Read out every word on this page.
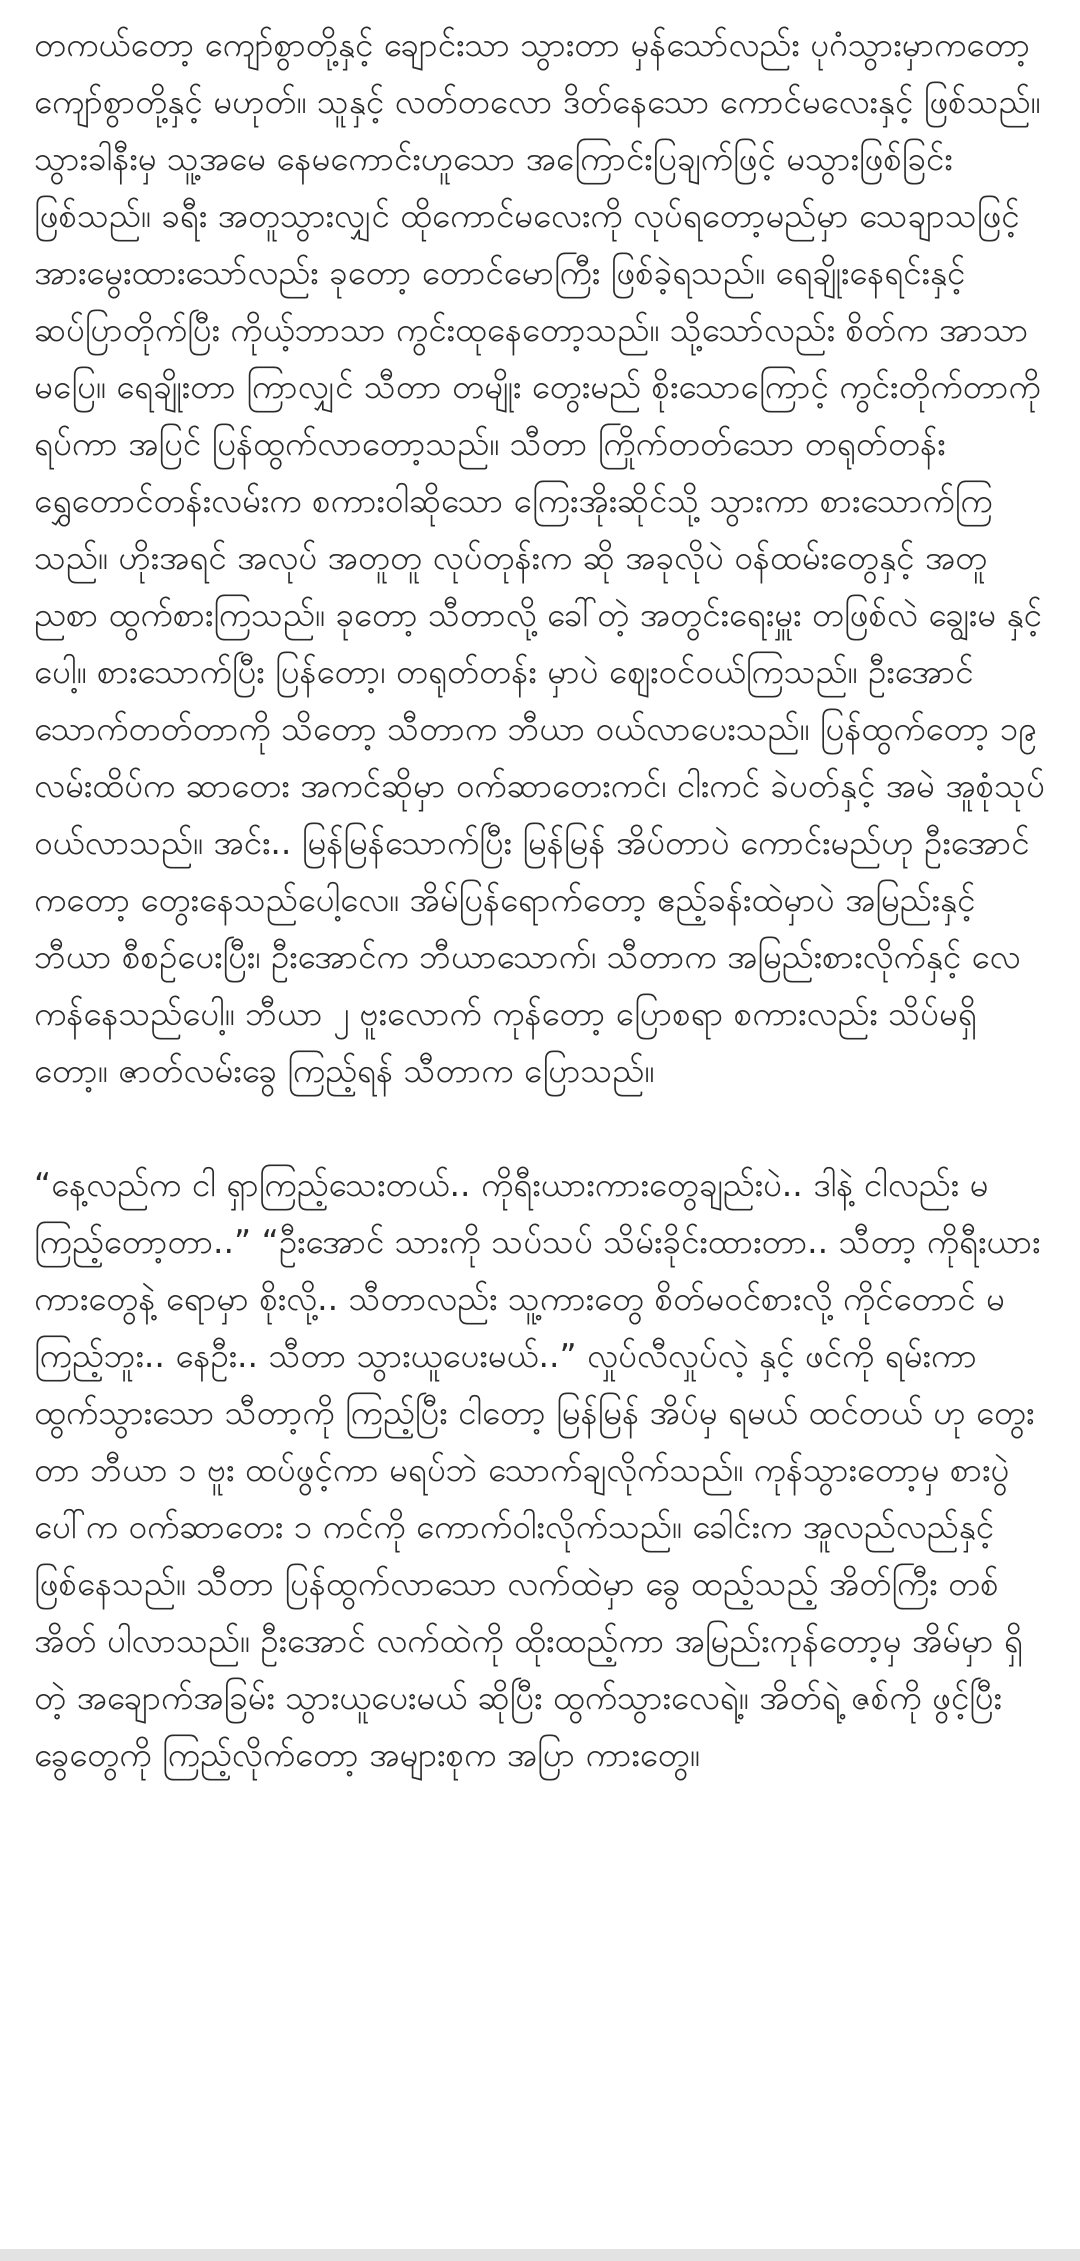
တကယ်တော့ ကျော်စွာတို့နှင့် ချောင်းသာ သွားတာ မှန်သော်လည်း ပုဂံသွားမှာကတော့ ကျော်စွာတို့နှင့် မဟုတ်။ သူနှင့် လတ်တလော ဒိတ်နေသော ကောင်မလေးနှင့် ဖြစ်သည်။ သွားခါနီးမှ သူ့အမေ နေမကောင်းဟူသော အကြောင်းပြချက်ဖြင့် မသွားဖြစ်ခြင်း ဖြစ်သည်။ ခရီး အတူသွားလျှင် ထိုကောင်မလေးကို လုပ်ရတော့မည်မှာ သေချာသဖြင့် အားမွေးထားသော်လည်း ခုတော့ တောင်မောကြီး ဖြစ်ခဲ့ရသည်။ ရေချိုးနေရင်းနှင့် ဆပ်ပြာတိုက်ပြီး ကိုယ့်ဘာသာ ကွင်းထုနေတော့သည်။ သို့သော်လည်း စိတ်က အာသာမပြေ။ ရေချိုးတာ ကြာလျှင် သီတာ တမျိုး တွေးမည် စိုးသောကြောင့် ကွင်းတိုက်တာကို ရပ်ကာ အပြင် ပြန်ထွက်လာတော့သည်။ သီတာ ကြိုက်တတ်သော တရုတ်တန်း ရွှေတောင်တန်းလမ်းက စကားဝါဆိုသော ကြေးအိုးဆိုင်သို့ သွားကာ စားသောက်ကြသည်။ ဟိုးအရင် အလုပ် အတူတူ လုပ်တုန်းက ဆို အခုလိုပဲ ဝန်ထမ်းတွေနှင့် အတူ ညစာ ထွက်စားကြသည်။ ခုတော့ သီတာလို့ ခေါ်တဲ့ အတွင်းရေးမှူး တဖြစ်လဲ ချွေးမ နှင့်ပေါ့။ စားသောက်ပြီး ပြန်တော့၊ တရုတ်တန်း မှာပဲ ဈေးဝင်ဝယ်ကြသည်။ ဦးအောင်သောက်တတ်တာကို သိတော့ သီတာက ဘီယာ ဝယ်လာပေးသည်။ ပြန်ထွက်တော့ ၁၉ လမ်းထိပ်က ဆာတေး အကင်ဆိုမှာ ဝက်ဆာတေးကင်၊ ငါးကင် ခဲပတ်နှင့် အမဲ အူစုံသုပ် ဝယ်လာသည်။ အင်း.. မြန်မြန်သောက်ပြီး မြန်မြန် အိပ်တာပဲ ကောင်းမည်ဟု ဦးအောင်ကတော့ တွေးနေသည်ပေါ့လေ။ အိမ်ပြန်ရောက်တော့ ဧည့်ခန်းထဲမှာပဲ အမြည်းနှင့် ဘီယာ စီစဉ်ပေးပြီး၊ ဦးအောင်က ဘီယာသောက်၊ သီတာက အမြည်းစားလိုက်နှင့် လေကန်နေသည်ပေါ့။ ဘီယာ ၂ ဗူးလောက် ကုန်တော့ ပြောစရာ စကားလည်း သိပ်မရှိတော့။ ဇာတ်လမ်းခွေ ကြည့်ရန် သီတာက ပြောသည်။

“နေ့လည်က ငါ ရှာကြည့်သေးတယ်.. ကိုရီးယားကားတွေချည်းပဲ.. ဒါနဲ့ ငါလည်း မကြည့်တော့တာ..” “ဦးအောင် သားကို သပ်သပ် သိမ်းခိုင်းထားတာ.. သီတာ့ ကိုရီးယား ကားတွေနဲ့ ရောမှာ စိုးလို့.. သီတာလည်း သူ့ကားတွေ စိတ်မဝင်စားလို့ ကိုင်တောင် မကြည့်ဘူး.. နေဦး.. သီတာ သွားယူပေးမယ်..” လှုပ်လီလှုပ်လဲ့ နှင့် ဖင်ကို ရမ်းကာ ထွက်သွားသော သီတာ့ကို ကြည့်ပြီး ငါတော့ မြန်မြန် အိပ်မှ ရမယ် ထင်တယ် ဟု တွေးတာ ဘီယာ ၁ ဗူး ထပ်ဖွင့်ကာ မရပ်ဘဲ သောက်ချလိုက်သည်။ ကုန်သွားတော့မှ စားပွဲပေါ်က ဝက်ဆာတေး ၁ ကင်ကို ကောက်ဝါးလိုက်သည်။ ခေါင်းက အူလည်လည်နှင့် ဖြစ်နေသည်။ သီတာ ပြန်ထွက်လာသော လက်ထဲမှာ ခွေ ထည့်သည့် အိတ်ကြီး တစ်အိတ် ပါလာသည်။ ဦးအောင် လက်ထဲကို ထိုးထည့်ကာ အမြည်းကုန်တော့မှ အိမ်မှာ ရှိတဲ့ အချောက်အခြမ်း သွားယူပေးမယ် ဆိုပြီး ထွက်သွားလေရဲ့။ အိတ်ရဲ့ ဇစ်ကို ဖွင့်ပြီး ခွေတွေကို ကြည့်လိုက်တော့ အများစုက အပြာ ကားတွေ။
